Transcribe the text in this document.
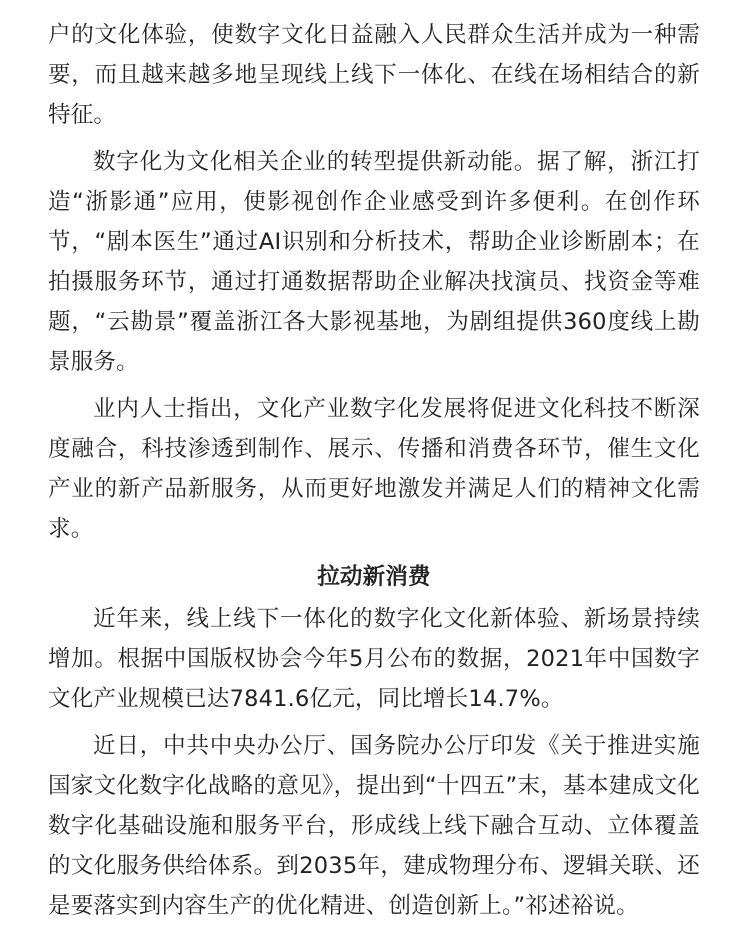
户的文化体验，使数字文化日益融入人民群众生活并成为一种需要，而且越来越多地呈现线上线下一体化、在线在场相结合的新特征。

数字化为文化相关企业的转型提供新动能。据了解，浙江打造“浙影通”应用，使影视创作企业感受到许多便利。在创作环节，“剧本医生”通过AI识别和分析技术，帮助企业诊断剧本；在拍摄服务环节，通过打通数据帮助企业解决找演员、找资金等难题，“云勘景”覆盖浙江各大影视基地，为剧组提供360度线上勘景服务。

业内人士指出，文化产业数字化发展将促进文化科技不断深度融合，科技渗透到制作、展示、传播和消费各环节，催生文化产业的新产品新服务，从而更好地激发并满足人们的精神文化需求。

拉动新消费

近年来，线上线下一体化的数字化文化新体验、新场景持续增加。根据中国版权协会今年5月公布的数据，2021年中国数字文化产业规模已达7841.6亿元，同比增长14.7%。

近日，中共中央办公厅、国务院办公厅印发《关于推进实施国家文化数字化战略的意见》，提出到“十四五”末，基本建成文化数字化基础设施和服务平台，形成线上线下融合互动、立体覆盖的文化服务供给体系。到2035年，建成物理分布、逻辑关联、还是要落实到内容生产的优化精进、创造创新上。”祁述裕说。
